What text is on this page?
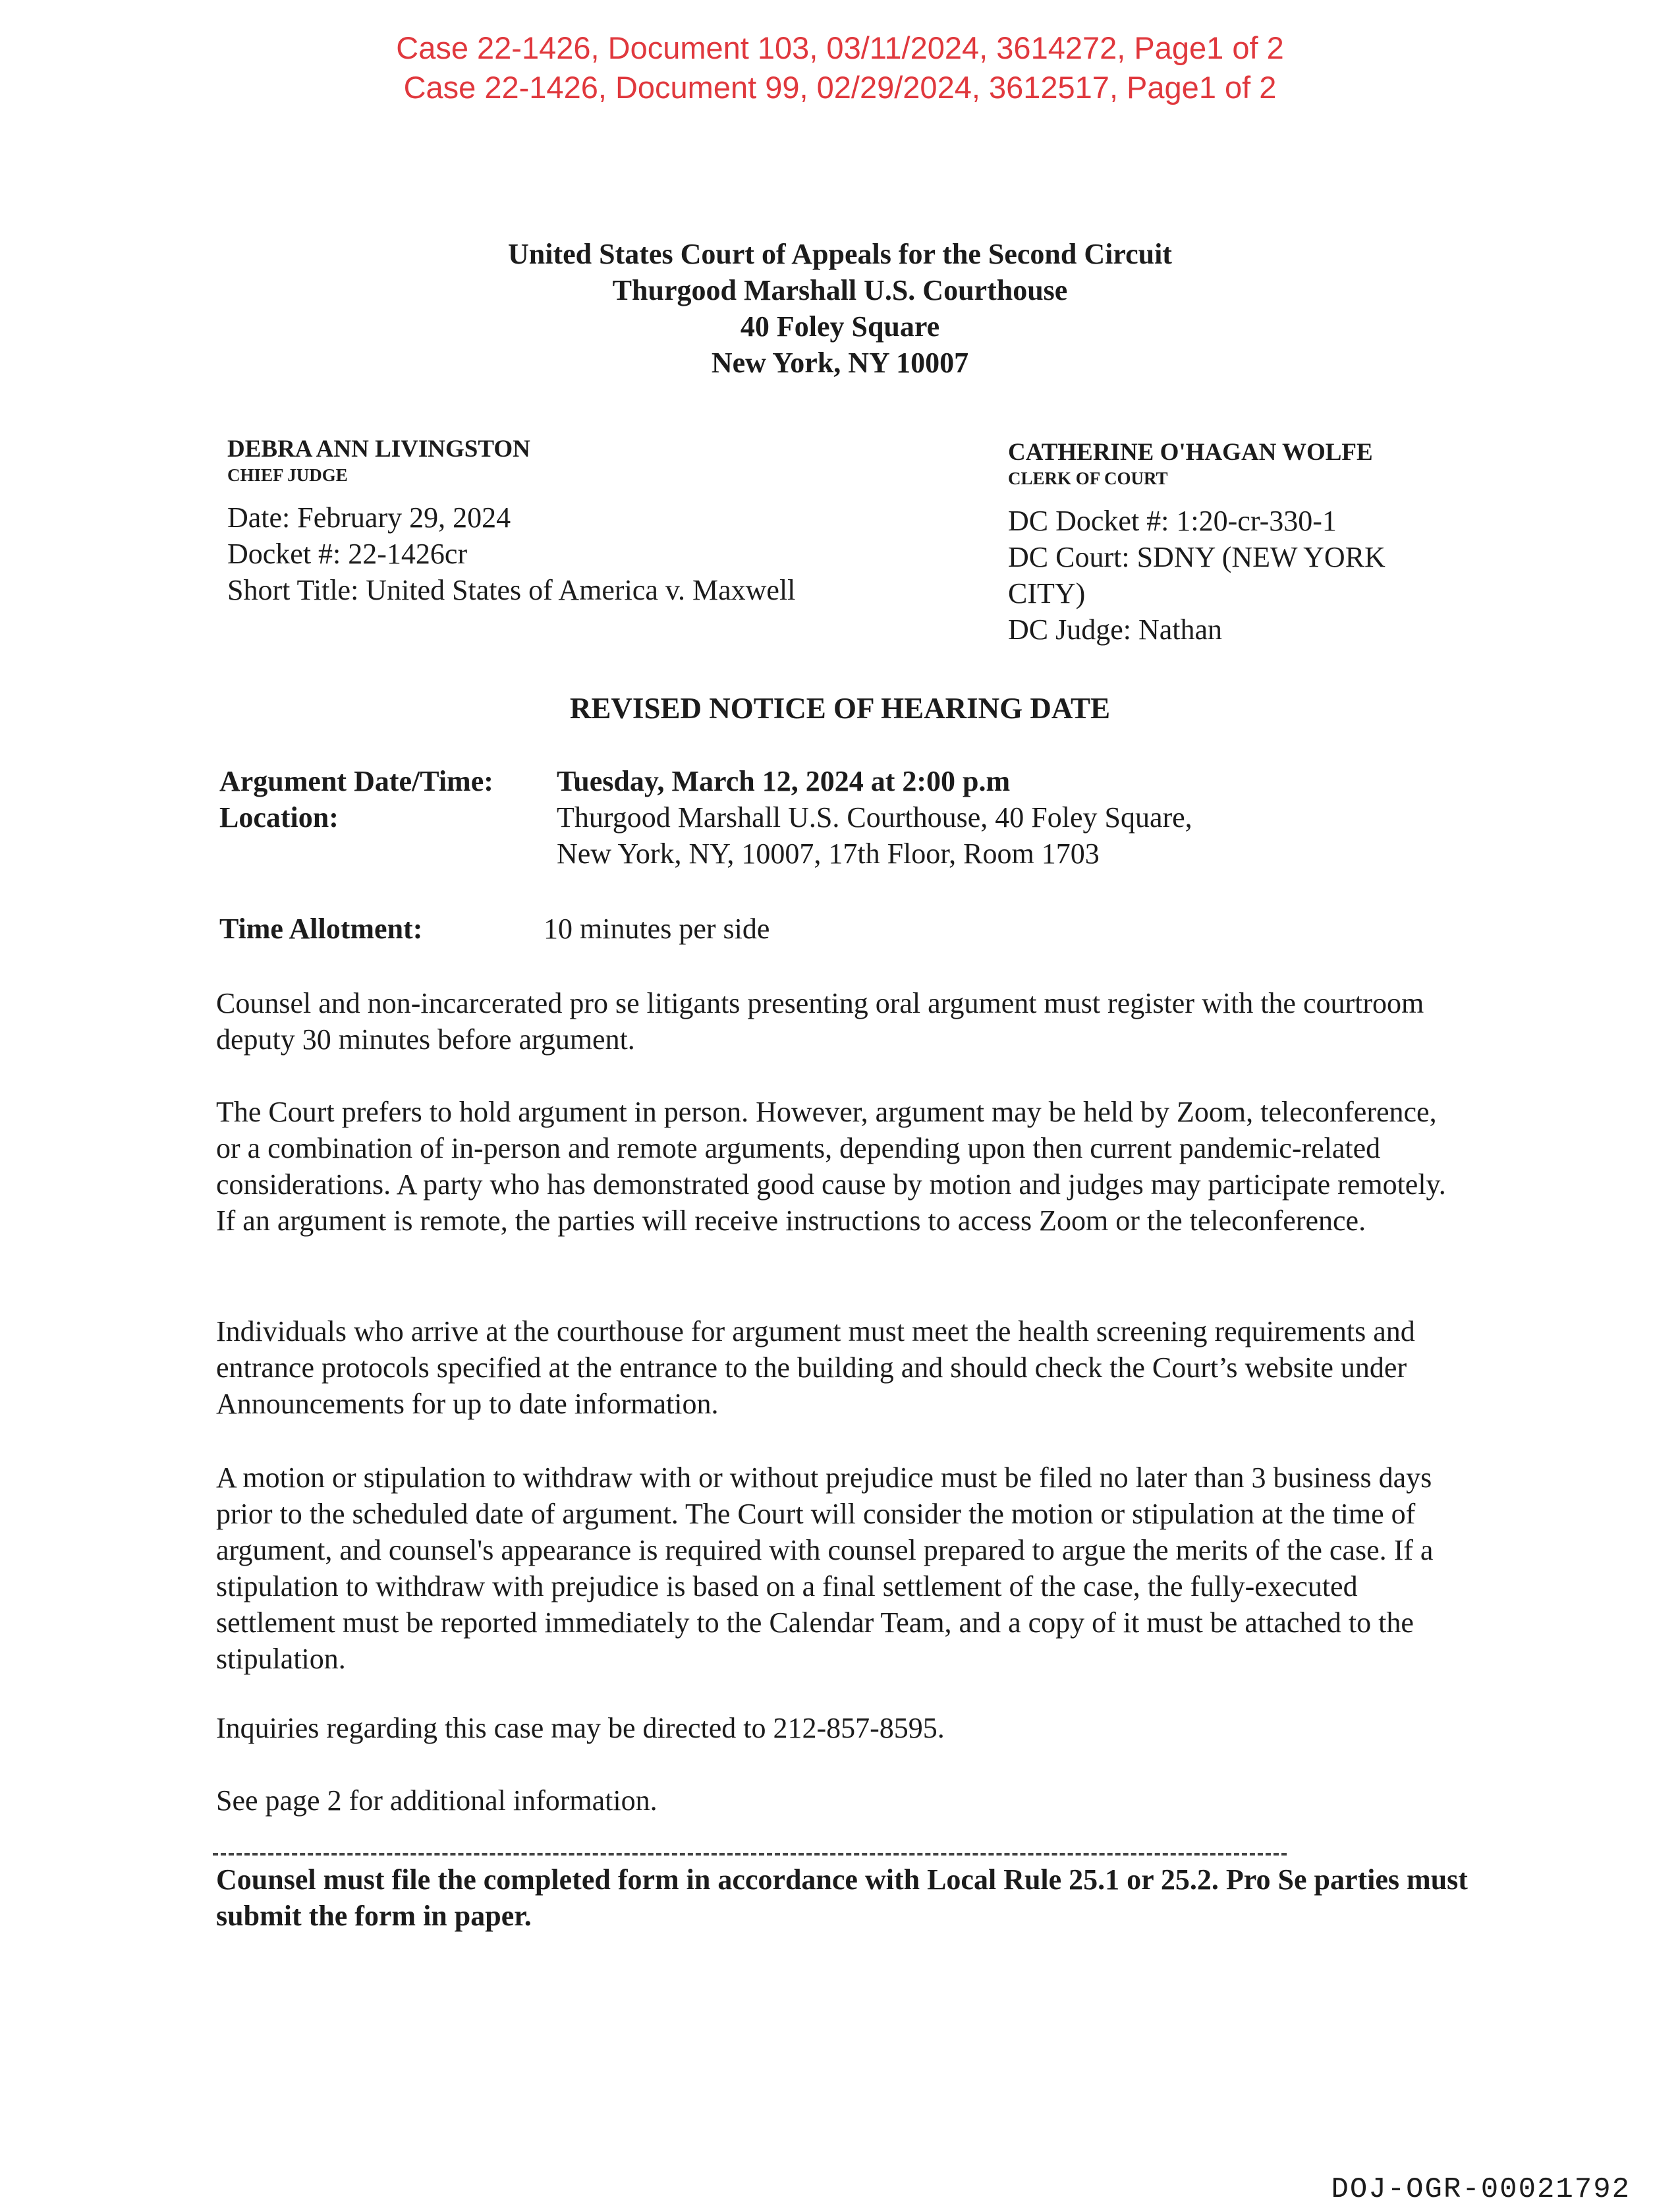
Case 22-1426, Document 103, 03/11/2024, 3614272, Page1 of 2
Case 22-1426, Document 99, 02/29/2024, 3612517, Page1 of 2
United States Court of Appeals for the Second Circuit
Thurgood Marshall U.S. Courthouse
40 Foley Square
New York, NY 10007
DEBRA ANN LIVINGSTON
CHIEF JUDGE
Date: February 29, 2024
Docket #: 22-1426cr
Short Title: United States of America v. Maxwell
CATHERINE O'HAGAN WOLFE
CLERK OF COURT
DC Docket #: 1:20-cr-330-1
DC Court: SDNY (NEW YORK
CITY)
DC Judge: Nathan
REVISED NOTICE OF HEARING DATE
Argument Date/Time: Tuesday, March 12, 2024 at 2:00 p.m
Location:	Thurgood Marshall U.S. Courthouse, 40 Foley Square,
New York, NY, 10007, 17th Floor, Room 1703
Time Allotment:	10 minutes per side

Counsel and non-incarcerated pro se litigants presenting oral argument must register with the courtroom deputy 30 minutes before argument.

The Court prefers to hold argument in person. However, argument may be held by Zoom, teleconference, or a combination of in-person and remote arguments, depending upon then current pandemic-related considerations. A party who has demonstrated good cause by motion and judges may participate remotely. If an argument is remote, the parties will receive instructions to access Zoom or the teleconference.

Individuals who arrive at the courthouse for argument must meet the health screening requirements and entrance protocols specified at the entrance to the building and should check the Court’s website under Announcements for up to date information.

A motion or stipulation to withdraw with or without prejudice must be filed no later than 3 business days prior to the scheduled date of argument. The Court will consider the motion or stipulation at the time of argument, and counsel's appearance is required with counsel prepared to argue the merits of the case. If a stipulation to withdraw with prejudice is based on a final settlement of the case, the fully-executed settlement must be reported immediately to the Calendar Team, and a copy of it must be attached to the stipulation.

Inquiries regarding this case may be directed to 212-857-8595.

See page 2 for additional information.

Counsel must file the completed form in accordance with Local Rule 25.1 or 25.2. Pro Se parties must submit the form in paper.

DOJ-OGR-00021792
